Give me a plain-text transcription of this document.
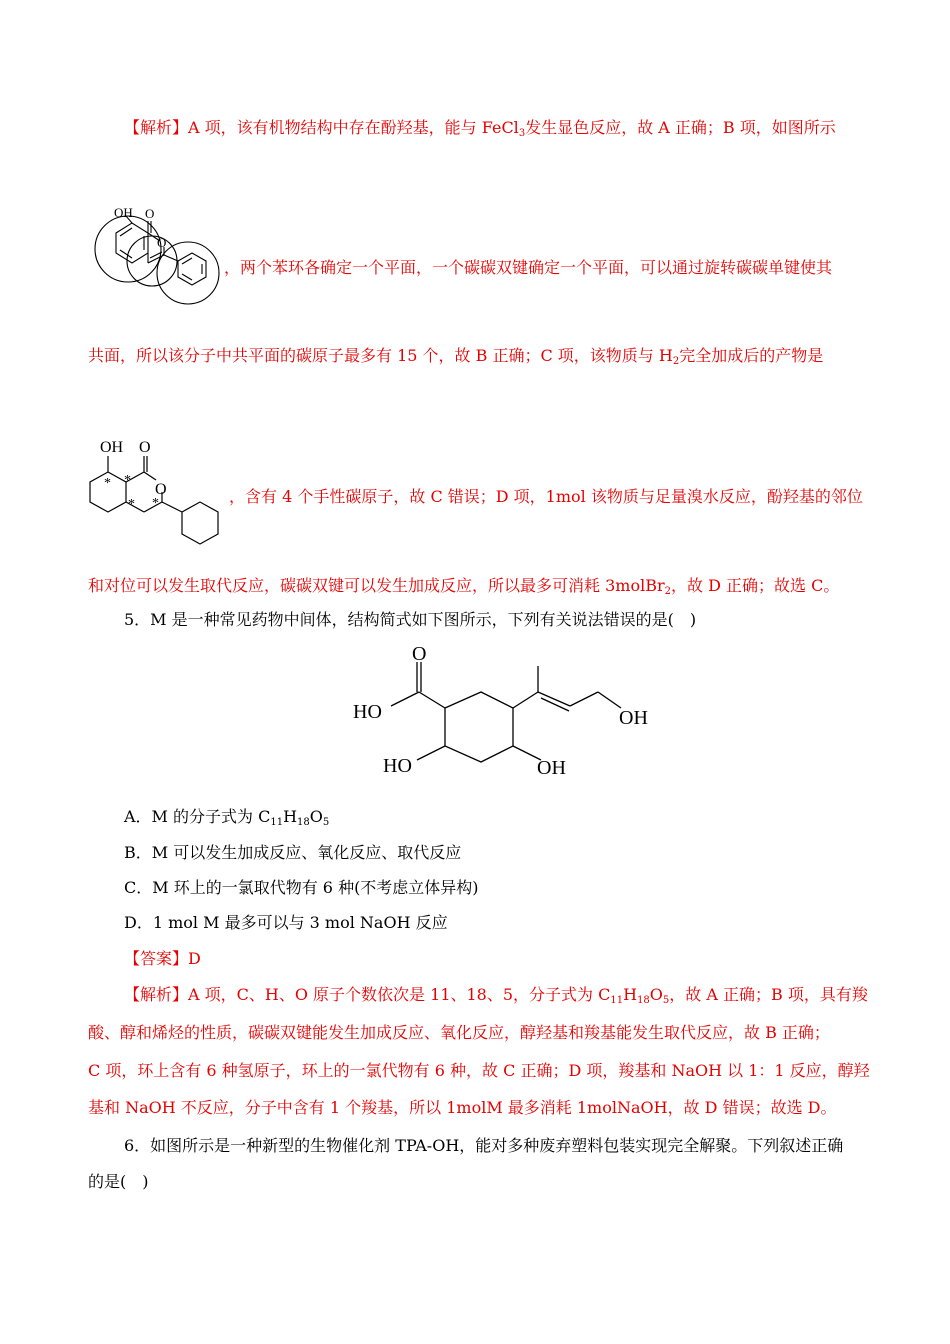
【解析】A 项，该有机物结构中存在酚羟基，能与 FeCl$_3$发生显色反应，故 A 正确；B 项，如图所示
OH O
O
，两个苯环各确定一个平面，一个碳碳双键确定一个平面，可以通过旋转碳碳单键使其
共面，所以该分子中共平面的碳原子最多有 15 个，故 B 正确；C 项，该物质与 $H_2$完全加成后的产物是
OH O
O
* *
* *	，含有 4 个手性碳原子，故 C 错误；D 项，1mol 该物质与足量溴水反应，酚羟基的邻位
和对位可以发生取代反应，碳碳双键可以发生加成反应，所以最多可消耗 3molBr$_2$，故 D 正确；故选 C。
5．M 是一种常见药物中间体，结构简式如下图所示，下列有关说法错误的是(　)
O
HO
HO	OH
OH
A．M 的分子式为 $C_{11}H_{18}O_5$
B．M 可以发生加成反应、氧化反应、取代反应
C．M 环上的一氯取代物有 6 种(不考虑立体异构)
D．1 mol M 最多可以与 3 mol NaOH 反应
【答案】D
【解析】A 项，C、H、O 原子个数依次是 11、18、5，分子式为 $C_{11}H_{18}O_5$，故 A 正确；B 项，具有羧
酸、醇和烯烃的性质，碳碳双键能发生加成反应、氧化反应，醇羟基和羧基能发生取代反应，故 B 正确；
C 项，环上含有 6 种氢原子，环上的一氯代物有 6 种，故 C 正确；D 项，羧基和 NaOH 以 1：1 反应，醇羟
基和 NaOH 不反应，分子中含有 1 个羧基，所以 1molM 最多消耗 1molNaOH，故 D 错误；故选 D。
6．如图所示是一种新型的生物催化剂 TPA-OH，能对多种废弃塑料包装实现完全解聚。下列叙述正确
的是(　)
